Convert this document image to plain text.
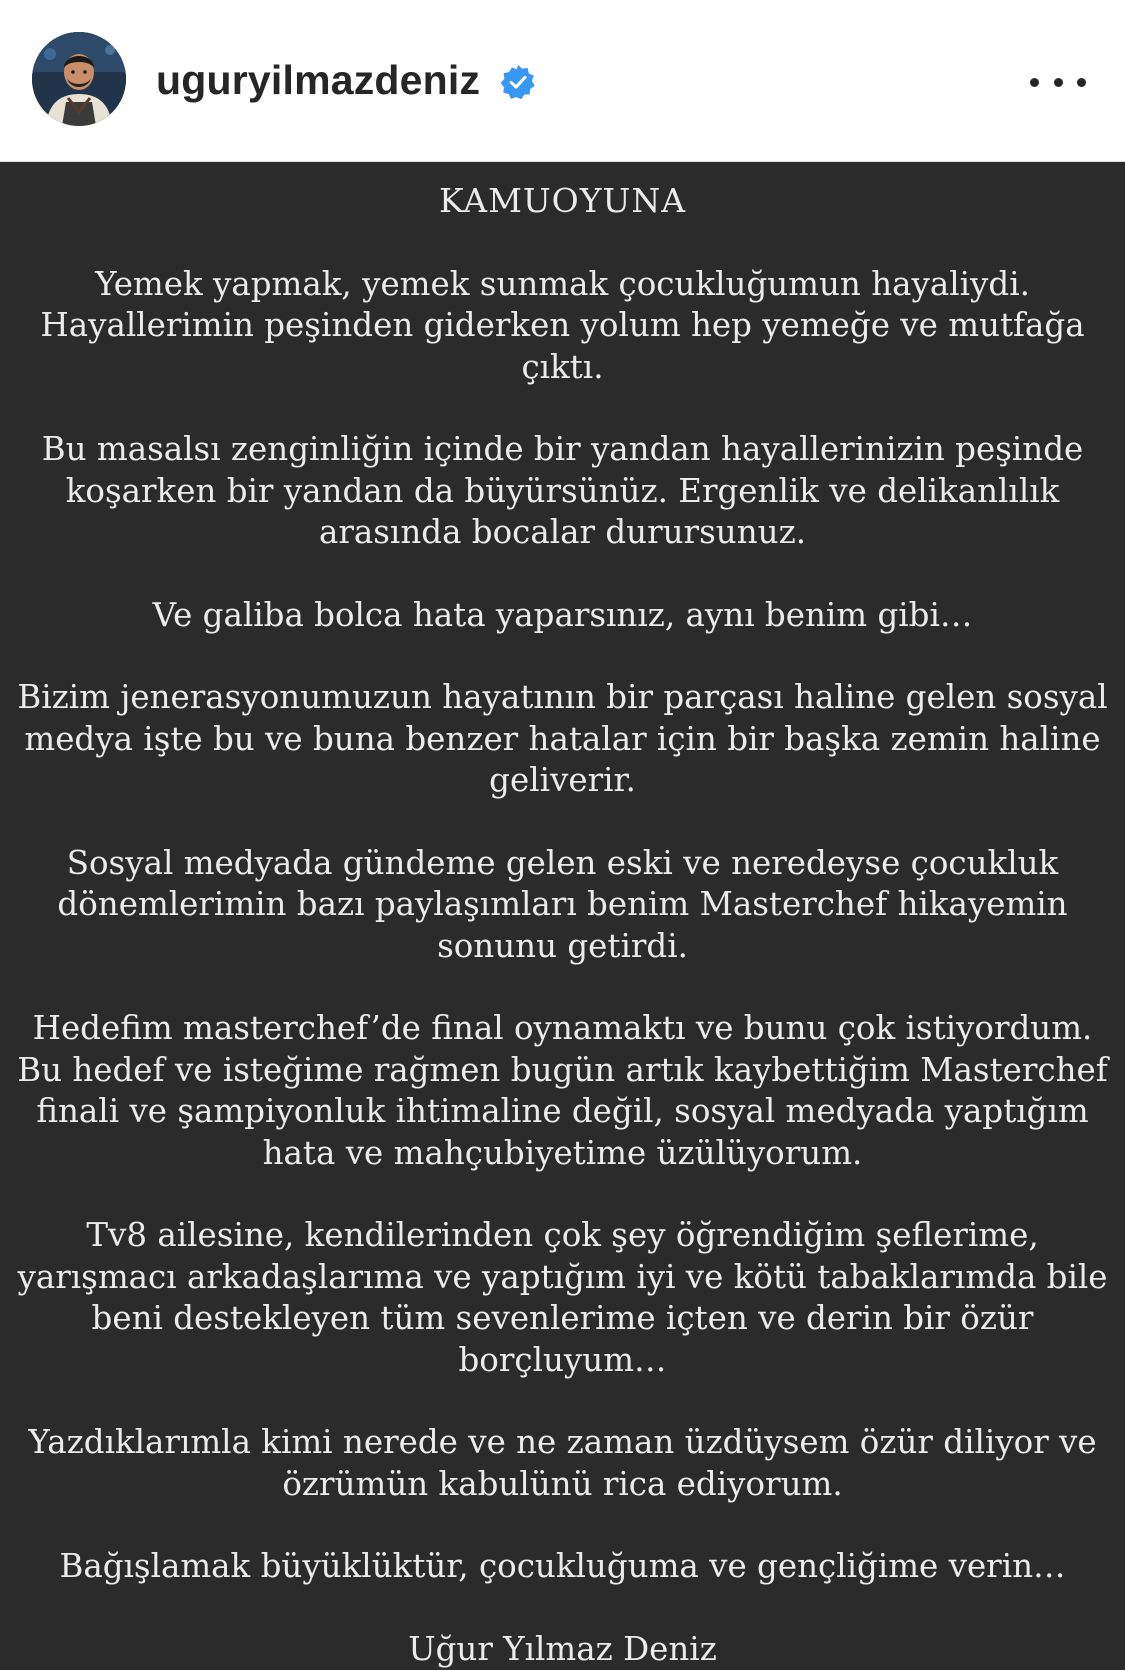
uguryilmazdeniz
KAMUOYUNA

Yemek yapmak, yemek sunmak çocukluğumun hayaliydi. Hayallerimin peşinden giderken yolum hep yemeğe ve mutfağa çıktı.

Bu masalsı zenginliğin içinde bir yandan hayallerinizin peşinde koşarken bir yandan da büyürsünüz. Ergenlik ve delikanlılık arasında bocalar durursunuz.

Ve galiba bolca hata yaparsınız, aynı benim gibi…

Bizim jenerasyonumuzun hayatının bir parçası haline gelen sosyal medya işte bu ve buna benzer hatalar için bir başka zemin haline geliverir.

Sosyal medyada gündeme gelen eski ve neredeyse çocukluk dönemlerimin bazı paylaşımları benim Masterchef hikayemin sonunu getirdi.

Hedefim masterchef’de final oynamaktı ve bunu çok istiyordum. Bu hedef ve isteğime rağmen bugün artık kaybettiğim Masterchef finali ve şampiyonluk ihtimaline değil, sosyal medyada yaptığım hata ve mahçubiyetime üzülüyorum.

Tv8 ailesine, kendilerinden çok şey öğrendiğim şeflerime, yarışmacı arkadaşlarıma ve yaptığım iyi ve kötü tabaklarımda bile beni destekleyen tüm sevenlerime içten ve derin bir özür borçluyum…

Yazdıklarımla kimi nerede ve ne zaman üzdüysem özür diliyor ve özrümün kabulünü rica ediyorum.

Bağışlamak büyüklüktür, çocukluğuma ve gençliğime verin…

Uğur Yılmaz Deniz
